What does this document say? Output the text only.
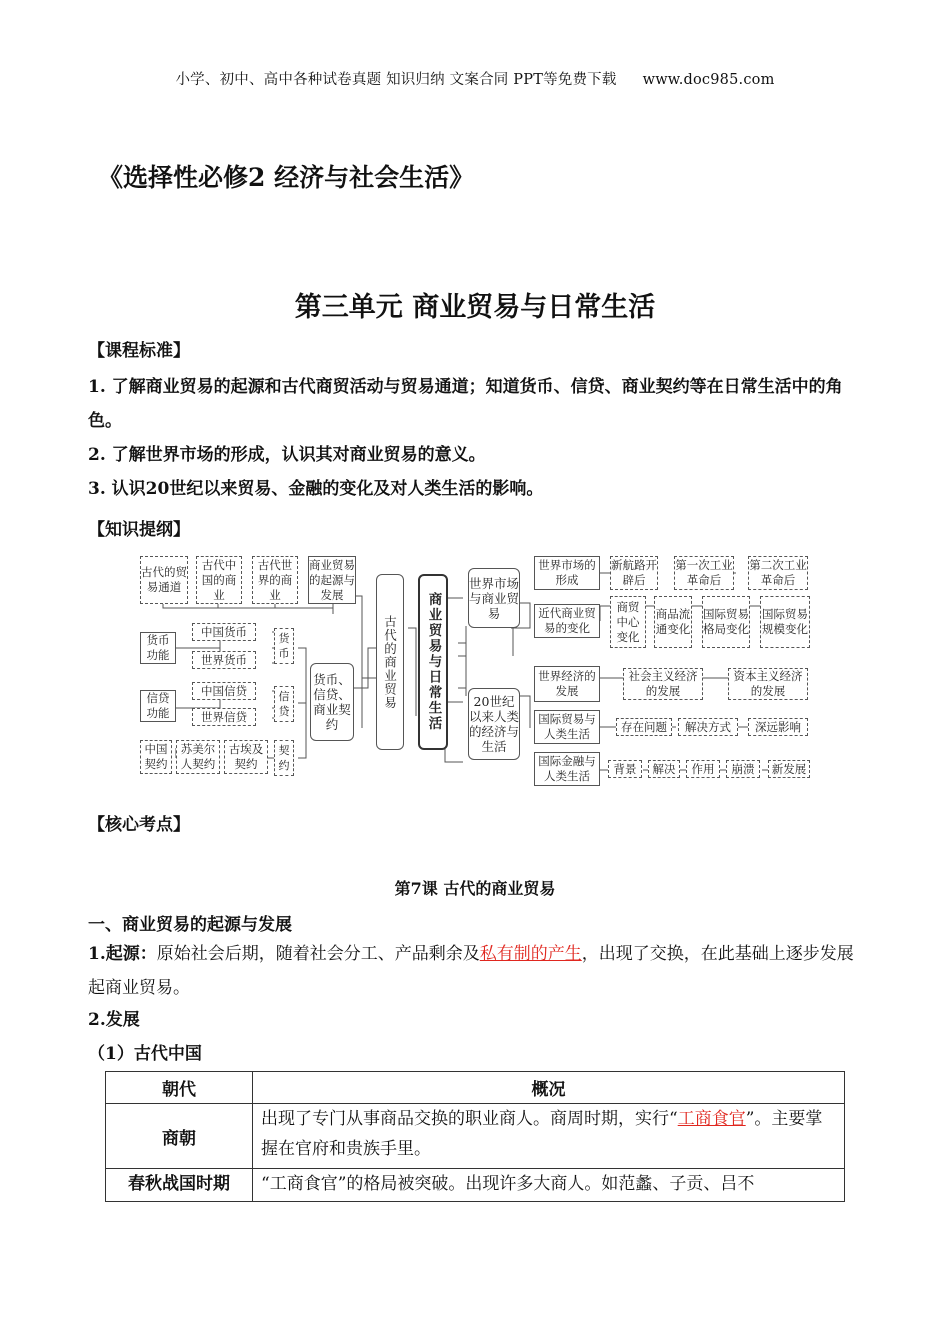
小学、初中、高中各种试卷真题 知识归纳 文案合同 PPT等免费下载 www.doc985.com
《选择性必修2 经济与社会生活》
第三单元 商业贸易与日常生活
【课程标准】

1. 了解商业贸易的起源和古代商贸活动与贸易通道；知道货币、信贷、商业契约等在日常生活中的角色。

2. 了解世界市场的形成，认识其对商业贸易的意义。

3. 认识20世纪以来贸易、金融的变化及对人类生活的影响。

【知识提纲】
古代的贸易通道
古代中国的商业
古代世界的商业
商业贸易的起源与发展
货币功能
中国货币
世界货币
货币
信贷功能
中国信贷
世界信贷
信贷
中国契约
苏美尔人契约
古埃及契约
契约
货币、信贷、商业契约
古代的商业贸易	商业贸易与日常生活
世界市场与商业贸易
20世纪以来人类的经济与生活
世界市场的形成
新航路开辟后
第一次工业革命后
第二次工业革命后
近代商业贸易的变化
商贸中心变化
商品流通变化
国际贸易格局变化
国际贸易规模变化
世界经济的发展
社会主义经济的发展
资本主义经济的发展
国际贸易与人类生活
存在问题	解决方式	深远影响
国际金融与人类生活
背景	解决	作用	崩溃	新发展
【核心考点】
第7课 古代的商业贸易
一、商业贸易的起源与发展
1.起源：原始社会后期，随着社会分工、产品剩余及私有制的产生，出现了交换，在此基础上逐步发展起商业贸易。
2.发展
（1）古代中国
朝代	概况
商朝	出现了专门从事商品交换的职业商人。商周时期，实行“工商食官”。主要掌握在官府和贵族手里。
春秋战国时期	“工商食官”的格局被突破。出现许多大商人。如范蠡、子贡、吕不
